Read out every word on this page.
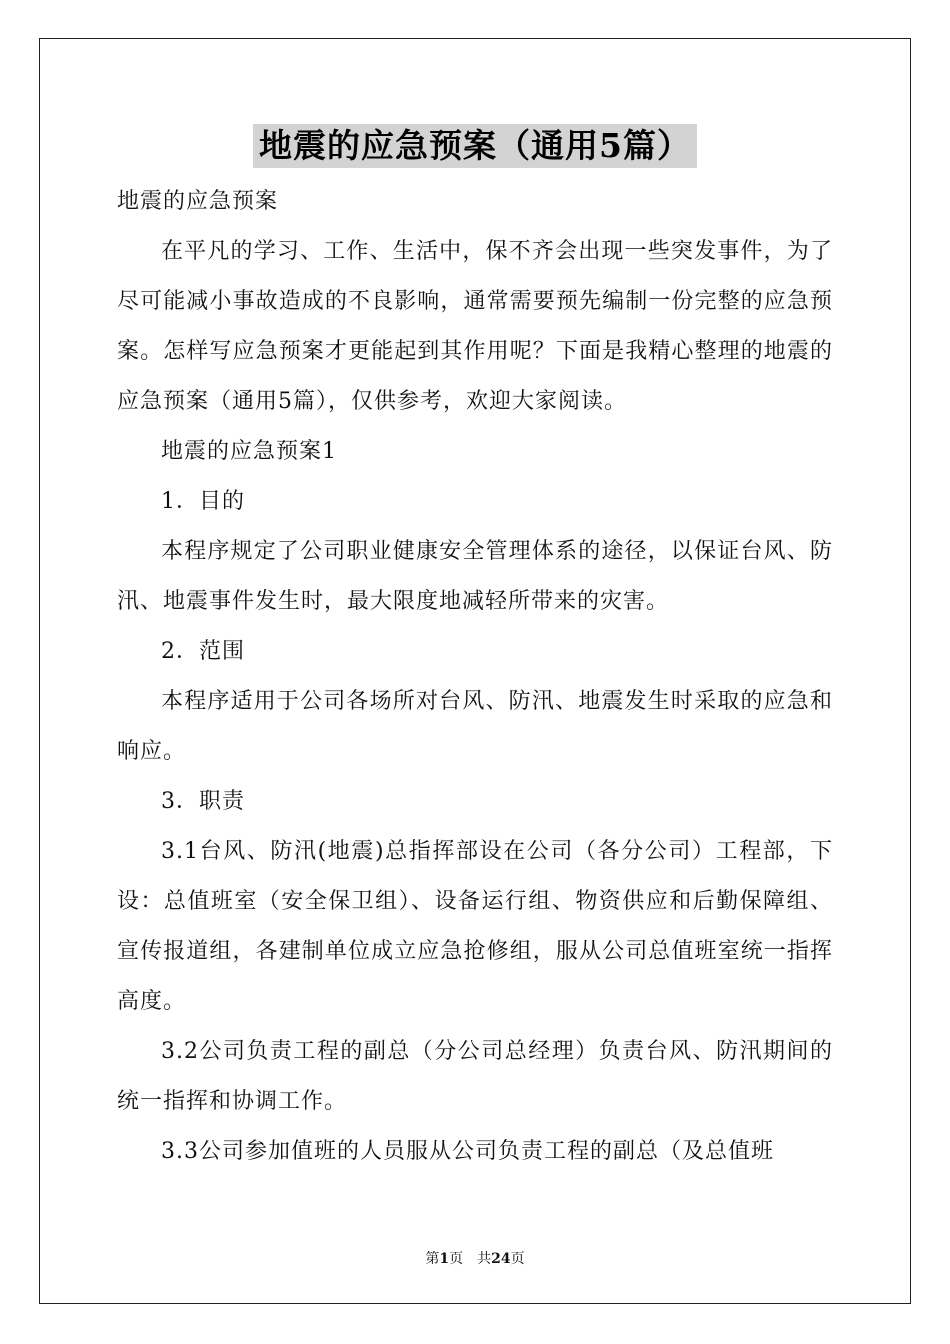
地震的应急预案（通用5篇）

地震的应急预案

在平凡的学习、工作、生活中，保不齐会出现一些突发事件，为了尽可能减小事故造成的不良影响，通常需要预先编制一份完整的应急预案。怎样写应急预案才更能起到其作用呢？下面是我精心整理的地震的应急预案（通用5篇），仅供参考，欢迎大家阅读。

地震的应急预案1

1．目的

本程序规定了公司职业健康安全管理体系的途径，以保证台风、防汛、地震事件发生时，最大限度地减轻所带来的灾害。

2．范围

本程序适用于公司各场所对台风、防汛、地震发生时采取的应急和响应。

3．职责

3.1台风、防汛(地震)总指挥部设在公司（各分公司）工程部，下设：总值班室（安全保卫组）、设备运行组、物资供应和后勤保障组、宣传报道组，各建制单位成立应急抢修组，服从公司总值班室统一指挥高度。

3.2公司负责工程的副总（分公司总经理）负责台风、防汛期间的统一指挥和协调工作。

3.3公司参加值班的人员服从公司负责工程的副总（及总值班

第1页 共24页
